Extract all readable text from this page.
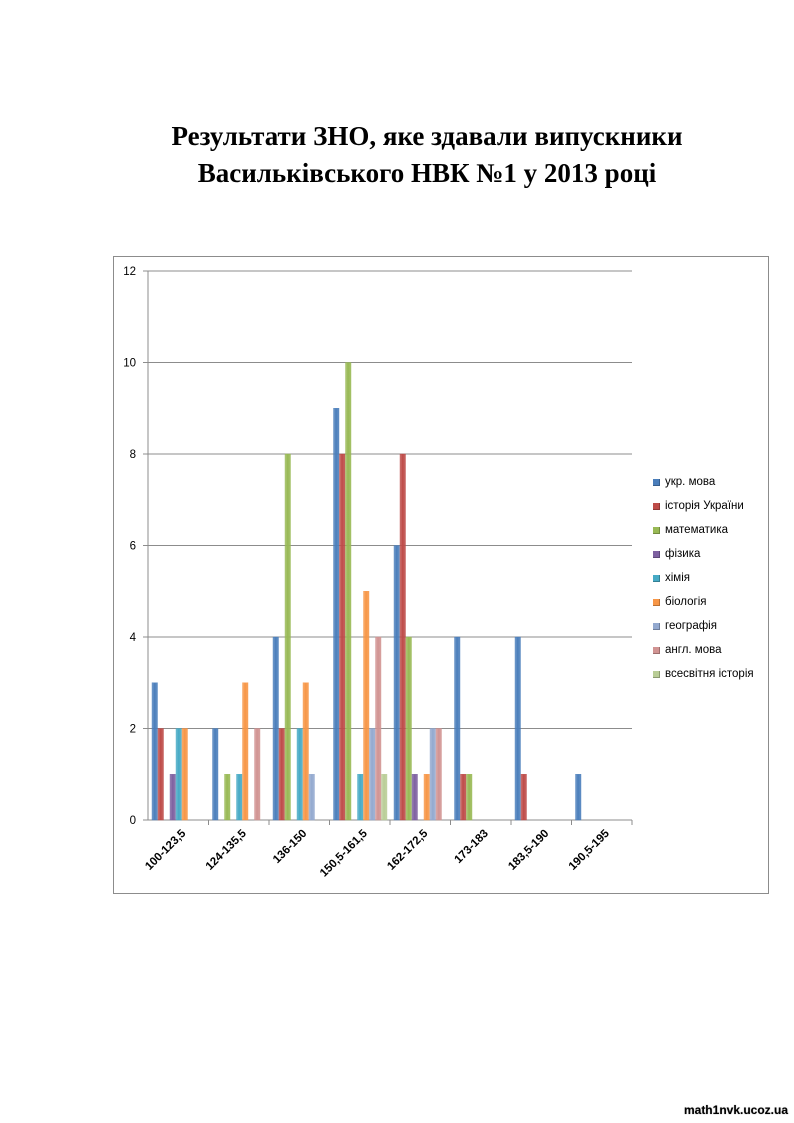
Результати ЗНО, яке здавали випускники
Васильківського НВК №1 у 2013 році
0
2
4
6
8
10
12
100-123,5 124-135,5 136-150 150,5-161,5 162-172,5 173-183 183,5-190 190,5-195
укр. мова
історія України
математика
фізика
хімія
біологія
географія
англ. мова
всесвітня історія
math1nvk.ucoz.ua
